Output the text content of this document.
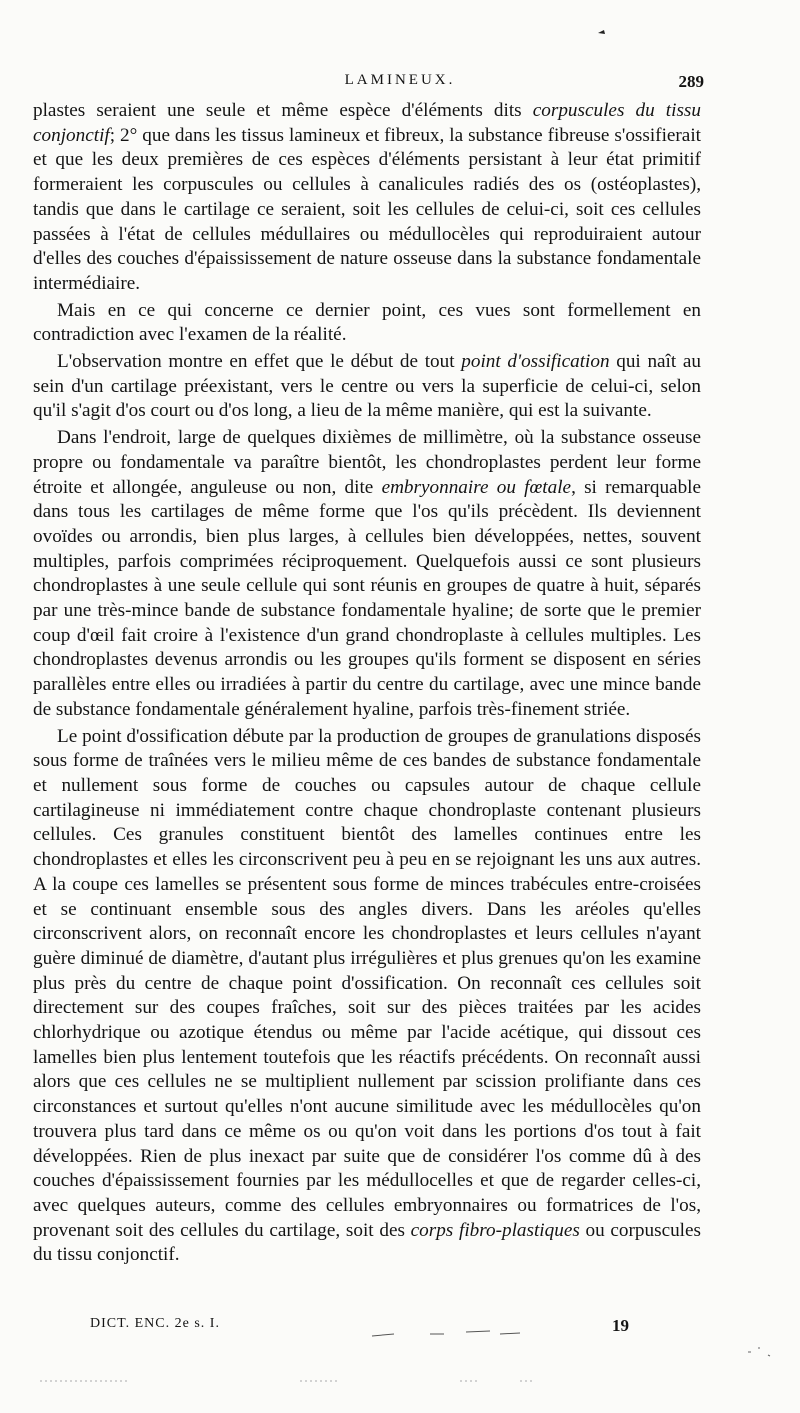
LAMINEUX.	289

plastes seraient une seule et même espèce d'éléments dits corpuscules du tissu conjonctif; 2° que dans les tissus lamineux et fibreux, la substance fibreuse s'ossifierait et que les deux premières de ces espèces d'éléments persistant à leur état primitif formeraient les corpuscules ou cellules à canalicules radiés des os (ostéoplastes), tandis que dans le cartilage ce seraient, soit les cellules de celui-ci, soit ces cellules passées à l'état de cellules médullaires ou médullocèles qui reproduiraient autour d'elles des couches d'épaississement de nature osseuse dans la substance fondamentale intermédiaire.

Mais en ce qui concerne ce dernier point, ces vues sont formellement en contradiction avec l'examen de la réalité.

L'observation montre en effet que le début de tout point d'ossification qui naît au sein d'un cartilage préexistant, vers le centre ou vers la superficie de celui-ci, selon qu'il s'agit d'os court ou d'os long, a lieu de la même manière, qui est la suivante.

Dans l'endroit, large de quelques dixièmes de millimètre, où la substance osseuse propre ou fondamentale va paraître bientôt, les chondroplastes perdent leur forme étroite et allongée, anguleuse ou non, dite embryonnaire ou fœtale, si remarquable dans tous les cartilages de même forme que l'os qu'ils précèdent. Ils deviennent ovoïdes ou arrondis, bien plus larges, à cellules bien développées, nettes, souvent multiples, parfois comprimées réciproquement. Quelquefois aussi ce sont plusieurs chondroplastes à une seule cellule qui sont réunis en groupes de quatre à huit, séparés par une très-mince bande de substance fondamentale hyaline; de sorte que le premier coup d'œil fait croire à l'existence d'un grand chondroplaste à cellules multiples. Les chondroplastes devenus arrondis ou les groupes qu'ils forment se disposent en séries parallèles entre elles ou irradiées à partir du centre du cartilage, avec une mince bande de substance fondamentale généralement hyaline, parfois très-finement striée.

Le point d'ossification débute par la production de groupes de granulations disposés sous forme de traînées vers le milieu même de ces bandes de substance fondamentale et nullement sous forme de couches ou capsules autour de chaque cellule cartilagineuse ni immédiatement contre chaque chondroplaste contenant plusieurs cellules. Ces granules constituent bientôt des lamelles continues entre les chondroplastes et elles les circonscrivent peu à peu en se rejoignant les uns aux autres. A la coupe ces lamelles se présentent sous forme de minces trabécules entre-croisées et se continuant ensemble sous des angles divers. Dans les aréoles qu'elles circonscrivent alors, on reconnaît encore les chondroplastes et leurs cellules n'ayant guère diminué de diamètre, d'autant plus irrégulières et plus grenues qu'on les examine plus près du centre de chaque point d'ossification. On reconnaît ces cellules soit directement sur des coupes fraîches, soit sur des pièces traitées par les acides chlorhydrique ou azotique étendus ou même par l'acide acétique, qui dissout ces lamelles bien plus lentement toutefois que les réactifs précédents. On reconnaît aussi alors que ces cellules ne se multiplient nullement par scission prolifiante dans ces circonstances et surtout qu'elles n'ont aucune similitude avec les médullocèles qu'on trouvera plus tard dans ce même os ou qu'on voit dans les portions d'os tout à fait développées. Rien de plus inexact par suite que de considérer l'os comme dû à des couches d'épaississement fournies par les médullocelles et que de regarder celles-ci, avec quelques auteurs, comme des cellules embryonnaires ou formatrices de l'os, provenant soit des cellules du cartilage, soit des corps fibro-plastiques ou corpuscules du tissu conjonctif.

DICT. ENC. 2e s. I.	19
